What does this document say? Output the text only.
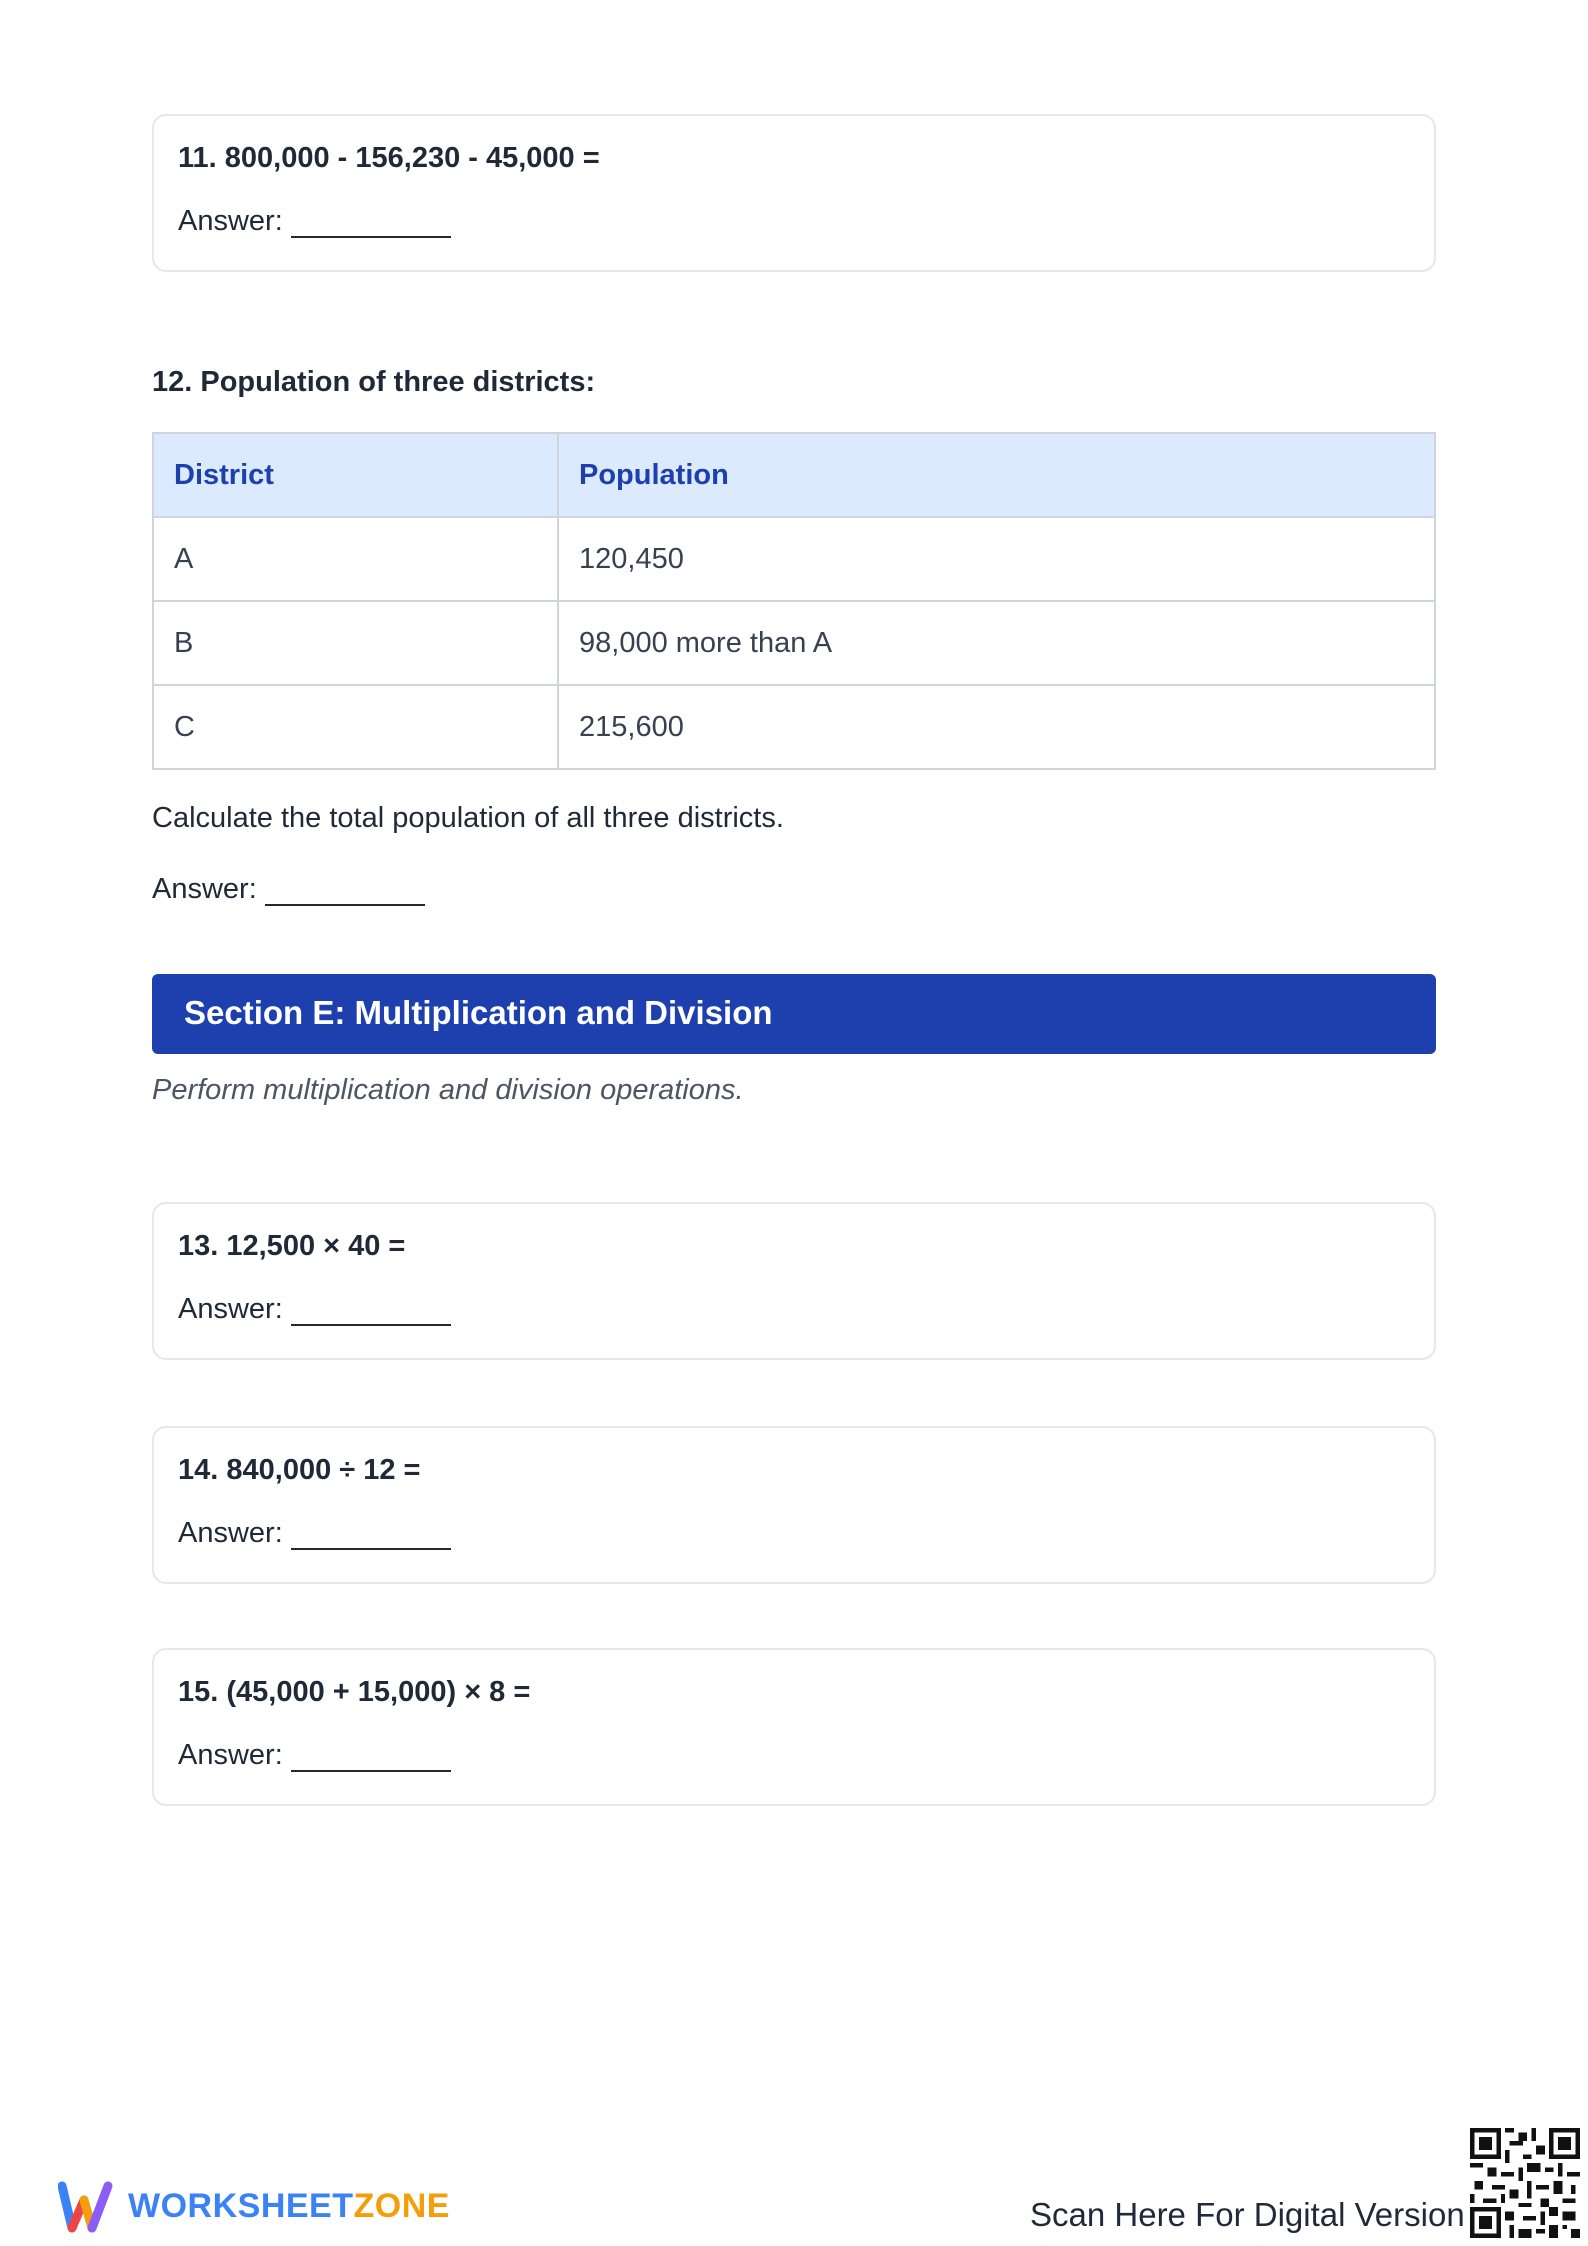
11. 800,000 - 156,230 - 45,000 =
Answer:
12. Population of three districts:
District	Population
A	120,450
B	98,000 more than A
C	215,600
Calculate the total population of all three districts.
Answer:
Section E: Multiplication and Division
Perform multiplication and division operations.
13. 12,500 × 40 =
Answer:
14. 840,000 ÷ 12 =
Answer:
15. (45,000 + 15,000) × 8 =
Answer:
WORKSHEETZONE	Scan Here For Digital Version
